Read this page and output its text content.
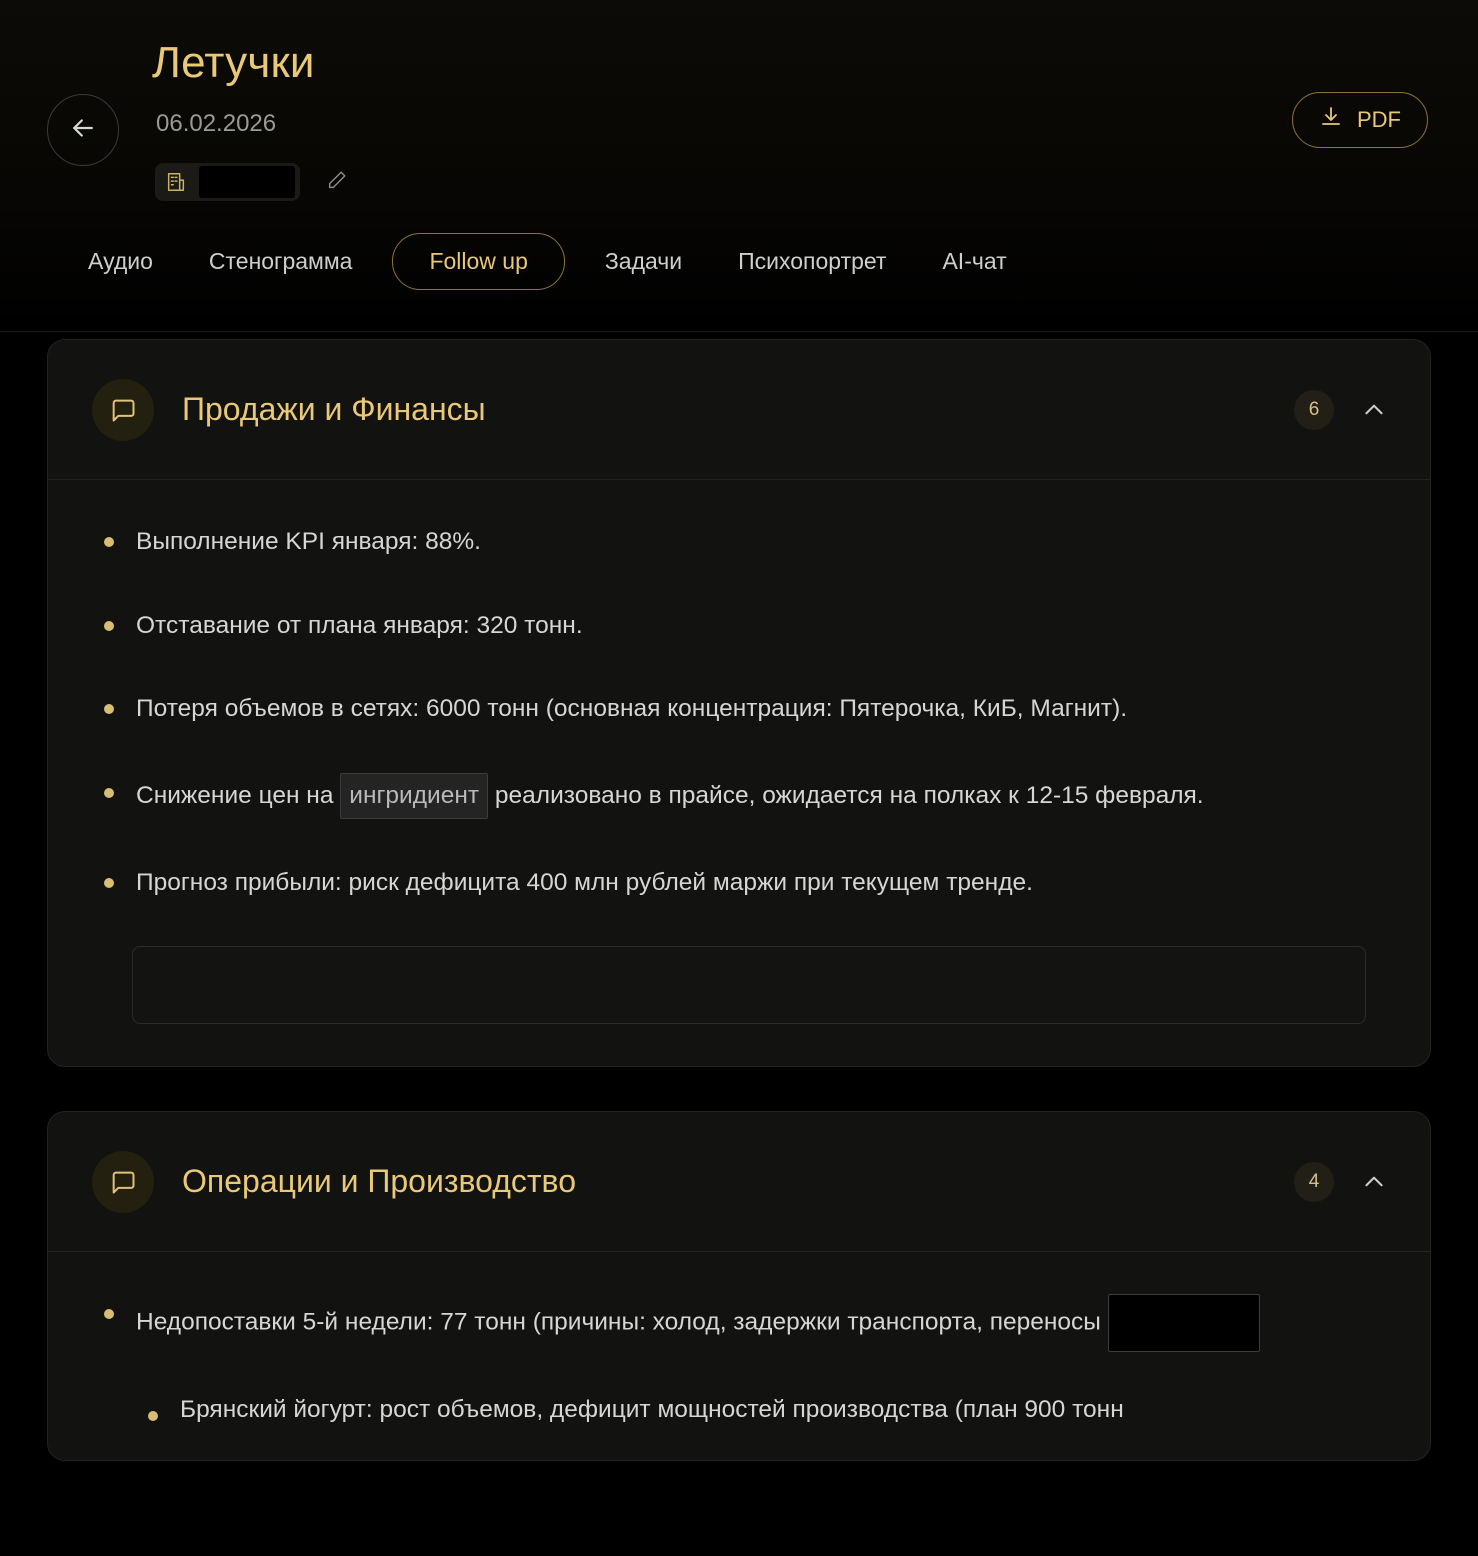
Летучки
06.02.2026	PDF
Аудио	Стенограмма	Follow up	Задачи	Психопортрет	AI-чат
Продажи и Финансы	6
Выполнение KPI января: 88%.
Отставание от плана января: 320 тонн.
Потеря объемов в сетях: 6000 тонн (основная концентрация: Пятерочка, КиБ, Магнит).
Снижение цен на ингридиент реализовано в прайсе, ожидается на полках к 12-15 февраля.
Прогноз прибыли: риск дефицита 400 млн рублей маржи при текущем тренде.
Операции и Производство	4
Недопоставки 5-й недели: 77 тонн (причины: холод, задержки транспорта, переносы
Брянский йогурт: рост объемов, дефицит мощностей производства (план 900 тонн
